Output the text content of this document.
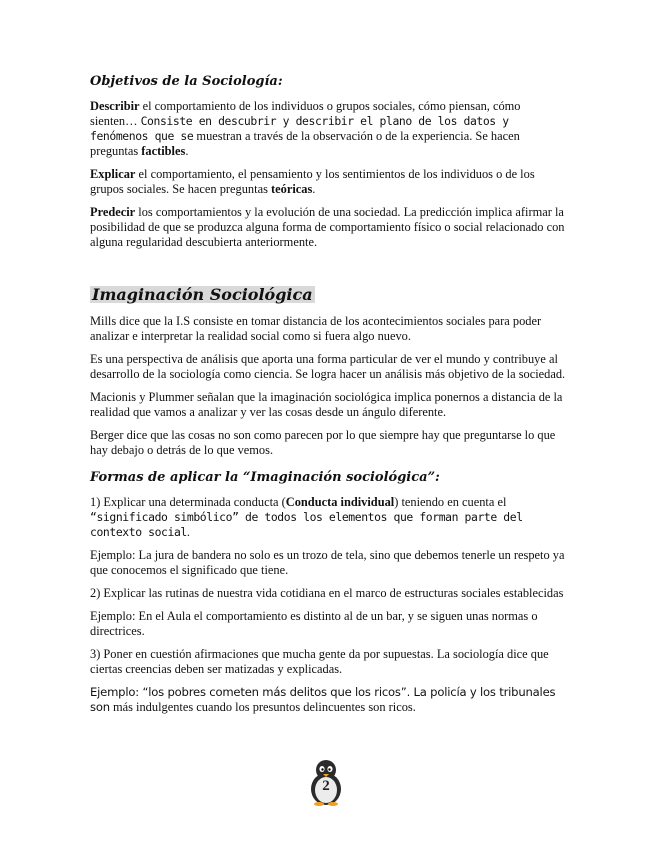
Objetivos de la Sociología:

Describir el comportamiento de los individuos o grupos sociales, cómo piensan, cómo sienten… Consiste en descubrir y describir el plano de los datos y fenómenos que se muestran a través de la observación o de la experiencia. Se hacen preguntas factibles.

Explicar el comportamiento, el pensamiento y los sentimientos de los individuos o de los grupos sociales. Se hacen preguntas teóricas.

Predecir los comportamientos y la evolución de una sociedad. La predicción implica afirmar la posibilidad de que se produzca alguna forma de comportamiento físico o social relacionado con alguna regularidad descubierta anteriormente.

Imaginación Sociológica

Mills dice que la I.S consiste en tomar distancia de los acontecimientos sociales para poder analizar e interpretar la realidad social como si fuera algo nuevo.

Es una perspectiva de análisis que aporta una forma particular de ver el mundo y contribuye al desarrollo de la sociología como ciencia. Se logra hacer un análisis más objetivo de la sociedad.

Macionis y Plummer señalan que la imaginación sociológica implica ponernos a distancia de la realidad que vamos a analizar y ver las cosas desde un ángulo diferente.

Berger dice que las cosas no son como parecen por lo que siempre hay que preguntarse lo que hay debajo o detrás de lo que vemos.

Formas de aplicar la “Imaginación sociológica”:

1) Explicar una determinada conducta (Conducta individual) teniendo en cuenta el “significado simbólico” de todos los elementos que forman parte del contexto social.

Ejemplo: La jura de bandera no solo es un trozo de tela, sino que debemos tenerle un respeto ya que conocemos el significado que tiene.

2) Explicar las rutinas de nuestra vida cotidiana en el marco de estructuras sociales establecidas

Ejemplo: En el Aula el comportamiento es distinto al de un bar, y se siguen unas normas o directrices.

3) Poner en cuestión afirmaciones que mucha gente da por supuestas. La sociología dice que ciertas creencias deben ser matizadas y explicadas.

Ejemplo: “los pobres cometen más delitos que los ricos”. La policía y los tribunales son más indulgentes cuando los presuntos delincuentes son ricos.

2
